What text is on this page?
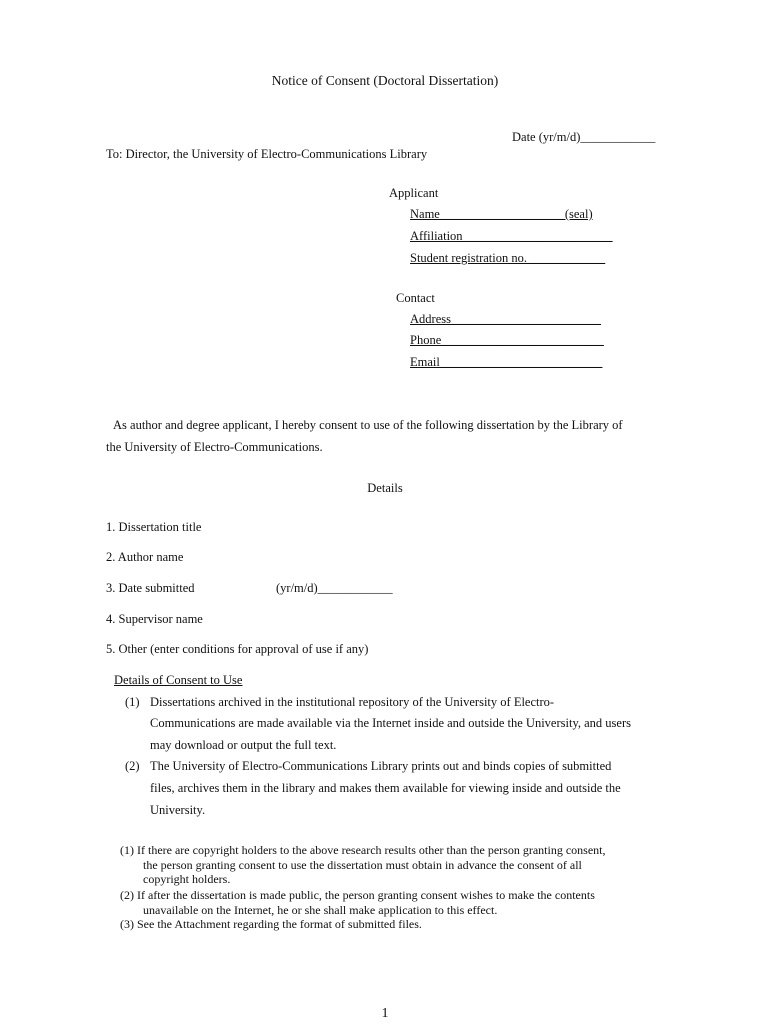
Notice of Consent (Doctoral Dissertation)
Date (yr/m/d)____________
To: Director, the University of Electro-Communications Library
Applicant
Name____________________(seal)
Affiliation________________________
Student registration no. ____________
Contact
Address________________________
Phone__________________________
Email__________________________
As author and degree applicant, I hereby consent to use of the following dissertation by the Library of
the University of Electro-Communications.
Details
1. Dissertation title
2. Author name
3. Date submitted	(yr/m/d)____________
4. Supervisor name
5. Other (enter conditions for approval of use if any)
Details of Consent to Use
(1) Dissertations archived in the institutional repository of the University of Electro-
Communications are made available via the Internet inside and outside the University, and users
may download or output the full text.
(2) The University of Electro-Communications Library prints out and binds copies of submitted
files, archives them in the library and makes them available for viewing inside and outside the
University.
(1) If there are copyright holders to the above research results other than the person granting consent,
the person granting consent to use the dissertation must obtain in advance the consent of all
copyright holders.
(2) If after the dissertation is made public, the person granting consent wishes to make the contents
unavailable on the Internet, he or she shall make application to this effect.
(3) See the Attachment regarding the format of submitted files.
1
